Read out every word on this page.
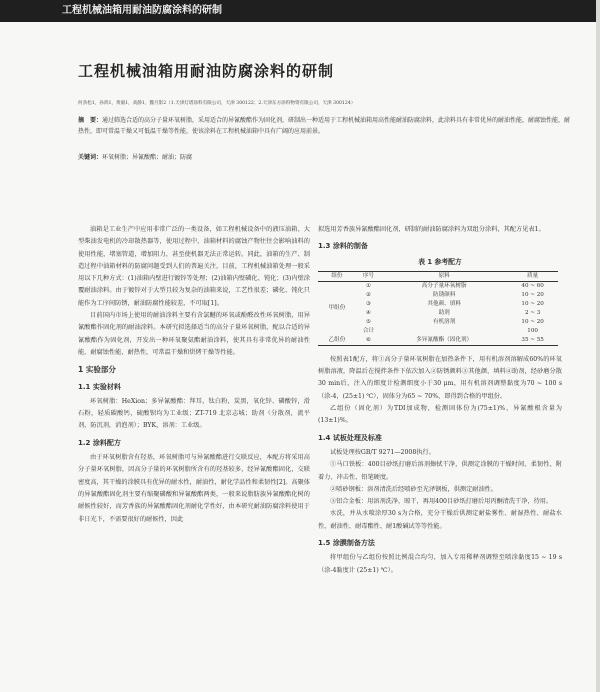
工程机械油箱用耐油防腐涂料的研制
工程机械油箱用耐油防腐涂料的研制
何劲松1，孙鸿1，黄毅1，高静1，魏月影2（1.天津灯塔涂料有限公司，天津 300122；2.天津东方涂料物资有限公司，天津 300124）
摘　要：通过筛选合适的高分子量环氧树脂，采用适合的异氰酸酯作为固化剂，研制出一种适用于工程机械油箱用高性能耐油防腐涂料，此涂料具有非常优异的耐油性能，耐腐蚀性能，耐热性，即可常温干燥又可低温干燥等性能，使该涂料在工程机械油箱中具有广阔的应用前景。
关键词：环氧树脂；异氰酸酯；耐油；防腐

油箱是工业生产中应用非常广泛的一类设备，如工程机械设备中的液压油箱、大型柴油发电机的冷却散热器等，使用过程中，油箱材料的腐蚀产物往往会影响油料的使用性能，堵塞管道，增加阻力，甚至使机器无法正常运转。同此，油箱的生产、制造过程中油箱材料的防腐问题受到人们的普遍关注，目前，工程机械油箱处理一般采用以下几种方式：(1)油箱内壁进行镀锌等处理；(2)油箱内壁磷化、钝化；(3)内壁涂覆耐油涂料。由于镀锌对于大型且较为复杂的油箱来说，工艺性很差；磷化、钝化只能作为工序间防锈，耐油防腐性能较差，不可取[1]。

目前国内市场上使用的耐油涂料主要有含氯醚的环氧或酚醛改性环氧树脂，用异氰酸酯作固化剂的耐油涂料。本研究拟选择适当的高分子量环氧树脂，配以合适的异氰酸酯作为固化剂，开发出一种环氧聚氨酯耐油涂料，使其具有非常优异的耐油性能，耐腐蚀性能，耐热性，可常温干燥和烘烤干燥等性能。

1 实验部分
1.1 实验材料

环氧树脂：HeXion；多异氰酸酯：拜耳，钛白粉，炭黑，氧化锌、磷酸锌，滑石粉，轻质碳酸钙，硫酸钡均为工业级；ZT-719 北京志城；助剂（分散剂，流平剂，防沉剂，消泡剂）；BYK，溶剂：工业级。

1.2 涂料配方

由于环氧树脂含有羟基，环氧树脂可与异氰酸酯进行交联反应，本配方将采用高分子量环氧树脂，因高分子量的环氧树脂所含有的羟基较多，经异氰酸酯固化，交联密度高，其干燥的涂膜具有优异的耐水性，耐油性，耐化学品性和柔韧性[2]。高聚体的异氰酸酯固化剂主要有缩聚磷酸和异氰酸酯两类，一般来说脂肪族异氰酸酯化树的耐候性较好，而芳香族的异氰酸酯固化剂耐化学性好，由本研究耐油防腐涂料使用于非日光下，不需要很好的耐候性，因此

拟选用芳香族异氰酸酯固化剂，研制的耐油防腐涂料为双组分涂料，其配方见表1。

1.3 涂料的制备
表 1 参考配方
组份	序号	原料	质量
甲组份	①	高分子量环氧树脂	40 ~ 60
	②	防锈颜料	10 ~ 20
	③	其他颜、填料	10 ~ 20
	④	助剂	2 ~ 3
	⑤	有机溶剂	10 ~ 20
	合计		100
乙组份	⑥	多异氰酸酯（固化剂）	35 ~ 55

按照表1配方，将①高分子量环氧树脂在加热条件下，用有机溶剂溶解成60%的环氧树脂溶液，降温后在搅拌条件下依次加入②防锈颜料③其他颜、填料④助剂，经砂磨分散30 min后，注入的细度计检测细度小于30 μm，用有机溶剂调整黏度为70 ~ 100 s（涂-4，(25±1) ℃），固体分为65 ~ 70%，即得到合格的甲组份。

乙组份（固化剂）为TDI加成物，检测固体份为(75±1)%，异氰酸根含量为(13±1)%。

1.4 试板处理及标准

试板处理按GB/T 9271—2008执行。

①马口铁板：400目砂纸打磨后溶剂擦拭干净，供测定涂膜的干燥时间、柔韧性、附着力、冲击性、铅笔硬度。

②喷砂钢板：溶剂清洗后经喷砂至光泽钢板，供测定耐油性。

③铝合金板：用溶剂洗净，晾干，再用400目砂纸打磨后用丙酮清洗干净，待用。

水洗，并从水喷涂厚30 s为合格，充分干燥后供测定耐盐雾性、耐湿热性、耐盐水性、耐油性、耐毒酯性、耐1酸碱试等等性能。

1.5 涂膜制备方法

将甲组份与乙组份按照比例混合均匀，加入专用稀释剂调整至喷涂黏度15 ~ 19 s（涂-4黏度计 (25±1) ℃）。
